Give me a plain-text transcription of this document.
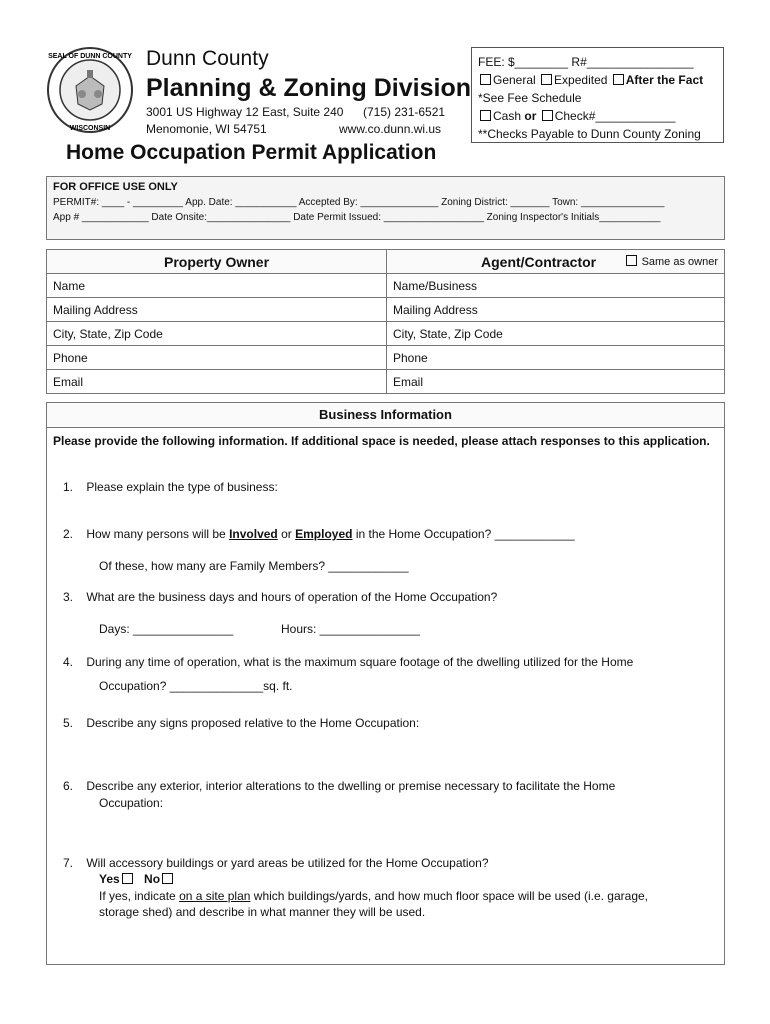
SEAL OF DUNN COUNTY
WISCONSIN
Dunn County
Planning & Zoning Division
3001 US Highway 12 East, Suite 240 (715) 231-6521
Menomonie, WI 54751	www.co.dunn.wi.us
Home Occupation Permit Application
FEE: $________ R#________________
General Expedited After the Fact
*See Fee Schedule
Cash or Check#____________
**Checks Payable to Dunn County Zoning
FOR OFFICE USE ONLY
PERMIT#: ____ - _________ App. Date: ___________ Accepted By: ______________ Zoning District: _______ Town: _______________
App # ____________ Date Onsite:_______________ Date Permit Issued: __________________ Zoning Inspector's Initials___________
Property Owner	Agent/Contractor Same as owner

Name	Name/Business
Mailing Address	Mailing Address
City, State, Zip Code	City, State, Zip Code
Phone	Phone
Email	Email
Business Information
Please provide the following information. If additional space is needed, please attach responses to this application.
1. Please explain the type of business:
2. How many persons will be Involved or Employed in the Home Occupation? ____________
Of these, how many are Family Members? ____________
3. What are the business days and hours of operation of the Home Occupation?
Days: _______________	Hours: _______________
4. During any time of operation, what is the maximum square footage of the dwelling utilized for the Home
Occupation? ______________sq. ft.
5. Describe any signs proposed relative to the Home Occupation:
6. Describe any exterior, interior alterations to the dwelling or premise necessary to facilitate the Home
Occupation:
7. Will accessory buildings or yard areas be utilized for the Home Occupation?
Yes No
If yes, indicate on a site plan which buildings/yards, and how much floor space will be used (i.e. garage,
storage shed) and describe in what manner they will be used.
